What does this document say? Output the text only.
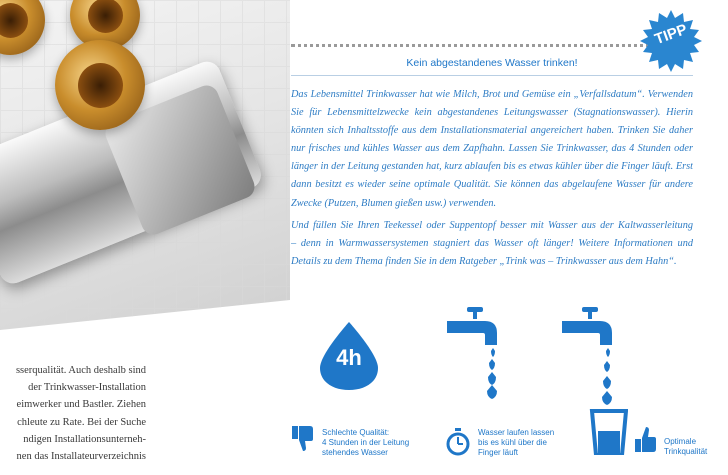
sserqualität. Auch deshalb sind
der Trinkwasser-Installation
eimwerker und Bastler. Ziehen
chleute zu Rate. Bei der Suche
ndigen Installationsunterneh-
nen das Installateurverzeichnis
TIPP
Kein abgestandenes Wasser trinken!
Das Lebensmittel Trinkwasser hat wie Milch, Brot und Gemüse ein „Verfallsdatum“. Verwenden
Sie für Lebensmittelzwecke kein abgestandenes Leitungswasser (Stagnationswasser). Hierin
könnten sich Inhaltsstoffe aus dem Installationsmaterial angereichert haben. Trinken Sie daher
nur frisches und kühles Wasser aus dem Zapfhahn. Lassen Sie Trinkwasser, das 4 Stunden oder
länger in der Leitung gestanden hat, kurz ablaufen bis es etwas kühler über die Finger läuft. Erst
dann besitzt es wieder seine optimale Qualität. Sie können das abgelaufene Wasser für andere
Zwecke (Putzen, Blumen gießen usw.) verwenden.
Und füllen Sie Ihren Teekessel oder Suppentopf besser mit Wasser aus der Kaltwasserleitung
– denn in Warmwassersystemen stagniert das Wasser oft länger! Weitere Informationen und
Details zu dem Thema finden Sie in dem Ratgeber „Trink was – Trinkwasser aus dem Hahn“.
4h
Schlechte Qualität:
4 Stunden in der Leitung
stehendes Wasser
Wasser laufen lassen
bis es kühl über die
Finger läuft
Optimale
Trinkqualität
